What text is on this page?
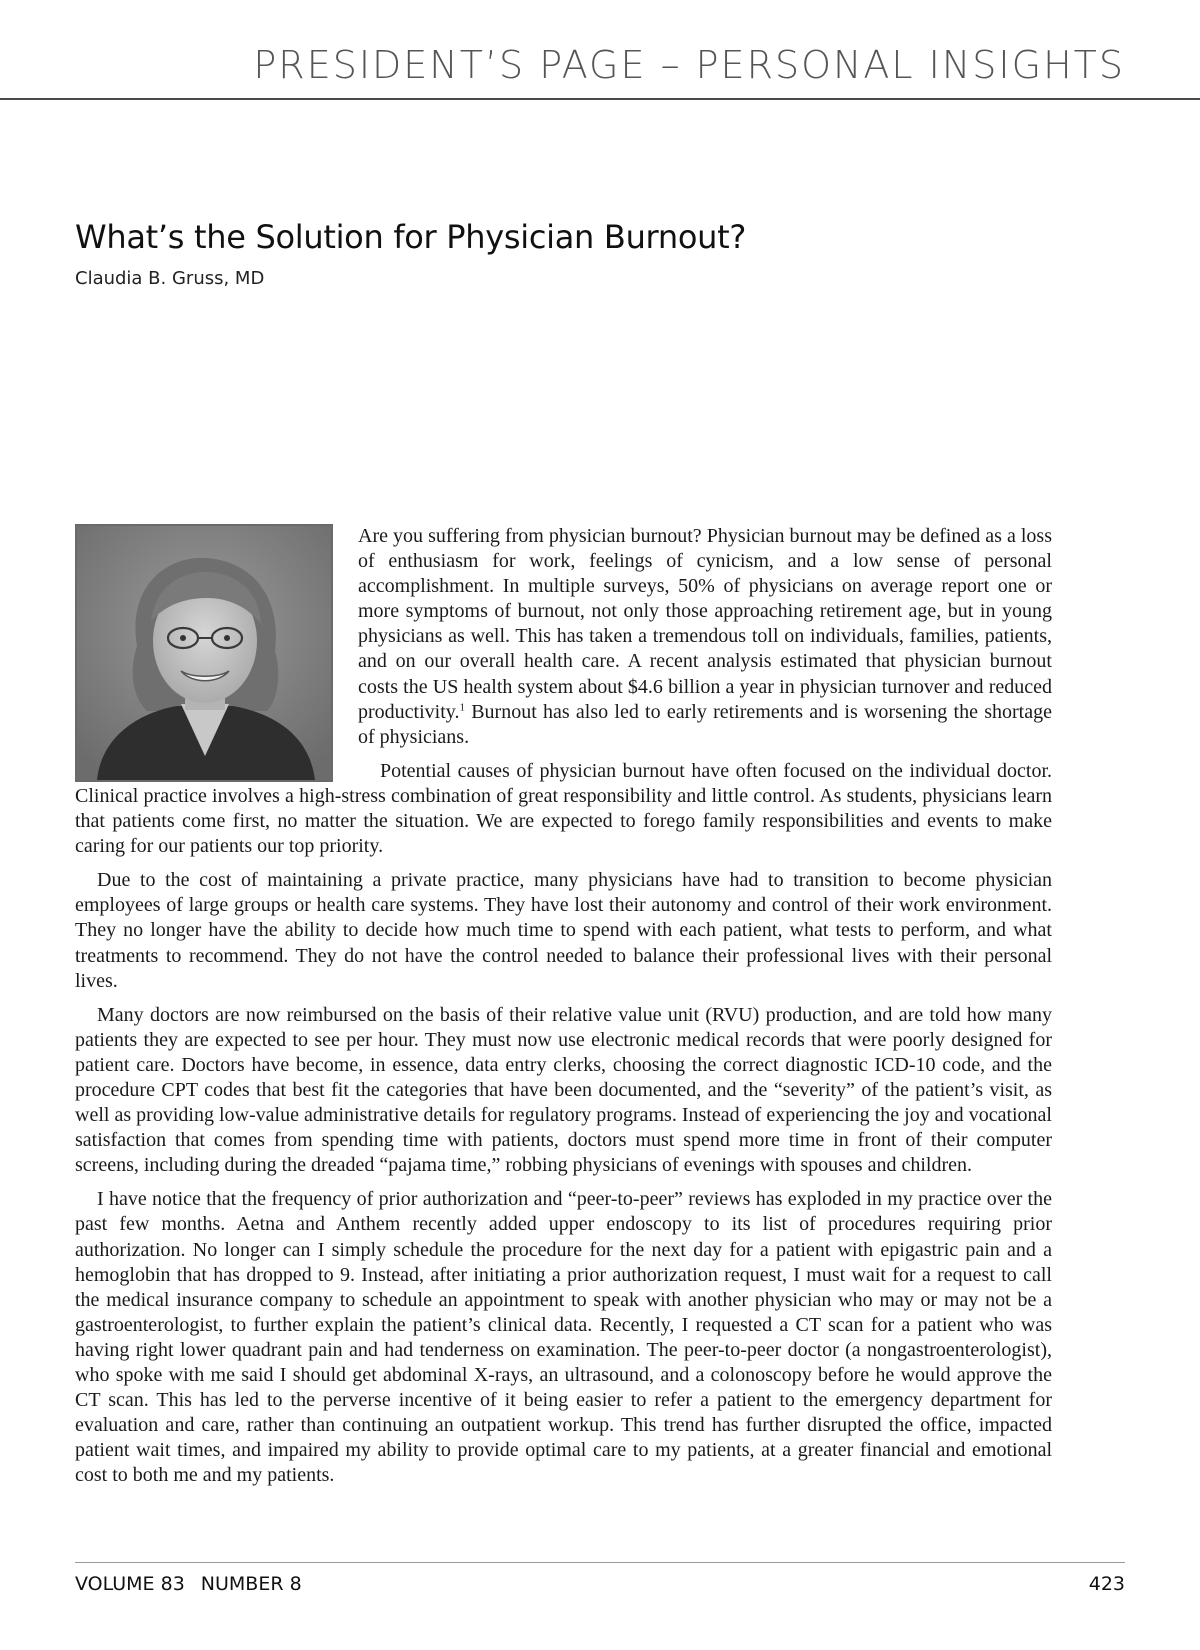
PRESIDENT’S PAGE – PERSONAL INSIGHTS
What’s the Solution for Physician Burnout?
Claudia B. Gruss, MD

Are you suffering from physician burnout? Physician burnout may be defined as a loss of enthusiasm for work, feelings of cynicism, and a low sense of personal accomplishment. In multiple surveys, 50% of physicians on average report one or more symptoms of burnout, not only those approaching retirement age, but in young physicians as well. This has taken a tremendous toll on individuals, families, patients, and on our overall health care. A recent analysis estimated that physician burnout costs the US health system about $4.6 billion a year in physician turnover and reduced productivity.$^1$ Burnout has also led to early retirements and is worsening the shortage of physicians.

Potential causes of physician burnout have often focused on the individual doctor. Clinical practice involves a high-stress combination of great responsibility and little control. As students, physicians learn that patients come first, no matter the situation. We are expected to forego family responsibilities and events to make caring for our patients our top priority.

Due to the cost of maintaining a private practice, many physicians have had to transition to become physician employees of large groups or health care systems. They have lost their autonomy and control of their work environment. They no longer have the ability to decide how much time to spend with each patient, what tests to perform, and what treatments to recommend. They do not have the control needed to balance their professional lives with their personal lives.

Many doctors are now reimbursed on the basis of their relative value unit (RVU) production, and are told how many patients they are expected to see per hour. They must now use electronic medical records that were poorly designed for patient care. Doctors have become, in essence, data entry clerks, choosing the correct diagnostic ICD-10 code, and the procedure CPT codes that best fit the categories that have been documented, and the “severity” of the patient’s visit, as well as providing low-value administrative details for regulatory programs. Instead of experiencing the joy and vocational satisfaction that comes from spending time with patients, doctors must spend more time in front of their computer screens, including during the dreaded “pajama time,” robbing physicians of evenings with spouses and children.

I have notice that the frequency of prior authorization and “peer-to-peer” reviews has exploded in my practice over the past few months. Aetna and Anthem recently added upper endoscopy to its list of procedures requiring prior authorization. No longer can I simply schedule the procedure for the next day for a patient with epigastric pain and a hemoglobin that has dropped to 9. Instead, after initiating a prior authorization request, I must wait for a request to call the medical insurance company to schedule an appointment to speak with another physician who may or may not be a gastroenterologist, to further explain the patient’s clinical data. Recently, I requested a CT scan for a patient who was having right lower quadrant pain and had tenderness on examination. The peer-to-peer doctor (a nongastroenterologist), who spoke with me said I should get abdominal X-rays, an ultrasound, and a colonoscopy before he would approve the CT scan. This has led to the perverse incentive of it being easier to refer a patient to the emergency department for evaluation and care, rather than continuing an outpatient workup. This trend has further disrupted the office, impacted patient wait times, and impaired my ability to provide optimal care to my patients, at a greater financial and emotional cost to both me and my patients.

VOLUME 83 NUMBER 8	423
